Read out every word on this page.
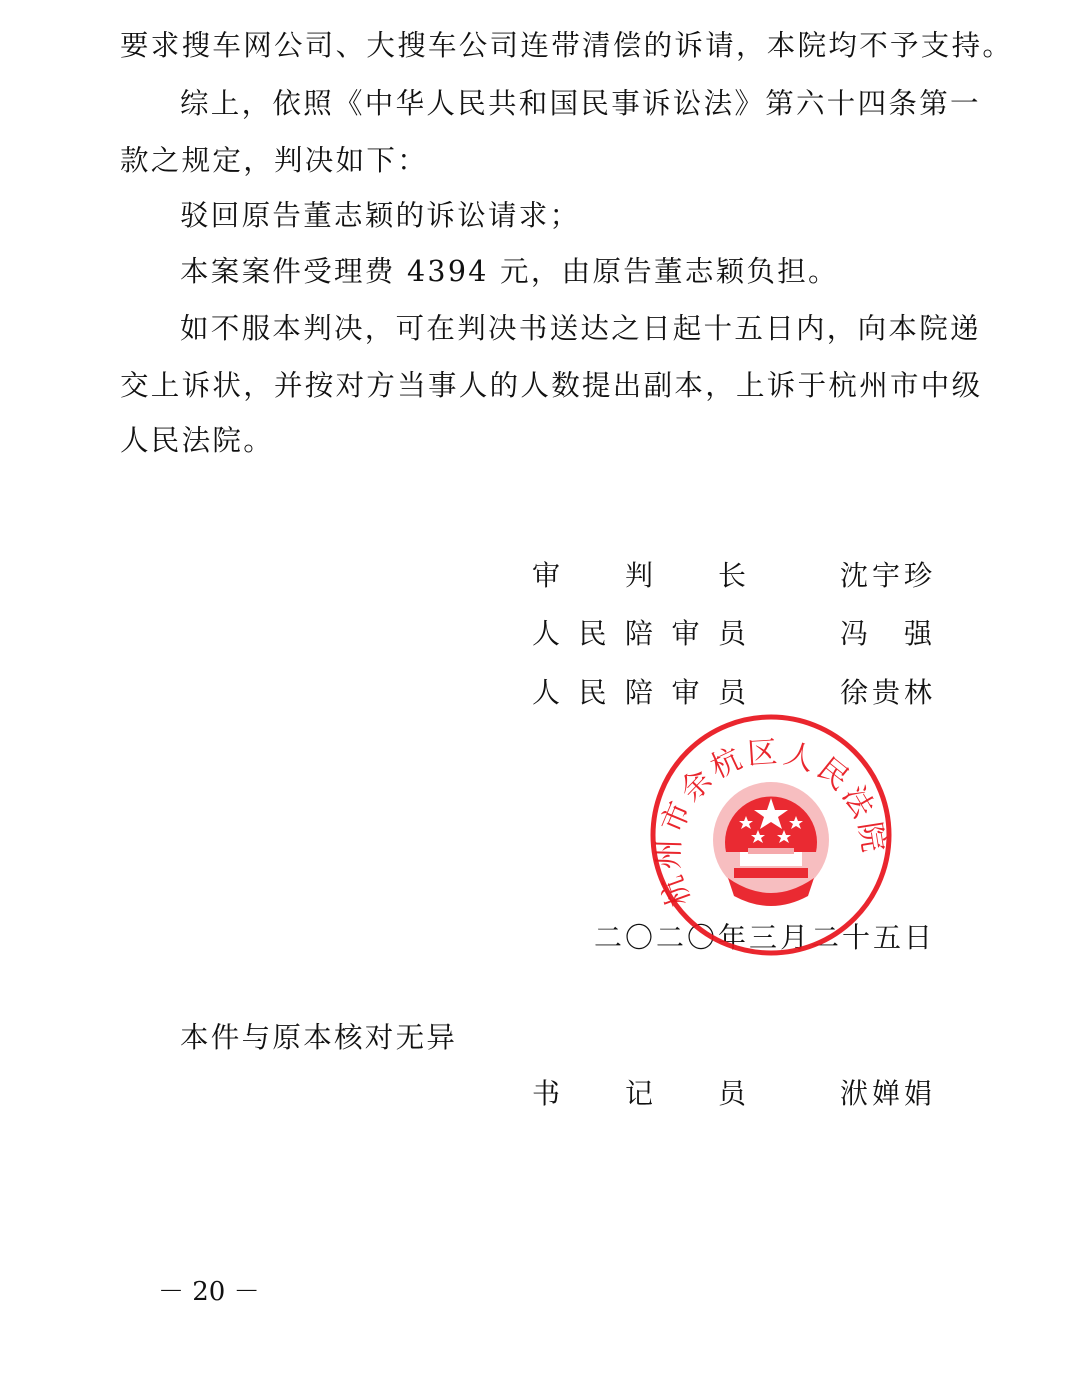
要求搜车网公司、大搜车公司连带清偿的诉请，本院均不予支持。
综上，依照《中华人民共和国民事诉讼法》第六十四条第一
款之规定，判决如下：
驳回原告董志颖的诉讼请求；
本案案件受理费 4394 元，由原告董志颖负担。
如不服本判决，可在判决书送达之日起十五日内，向本院递
交上诉状，并按对方当事人的人数提出副本，上诉于杭州市中级
人民法院。
审 判 长	沈 宇 珍
人 民 陪 审 员	冯 强
人 民 陪 审 员	徐 贵 林
二〇二〇年三月二十五日
杭州市余杭区人民法院
本件与原本核对无异
书 记 员	洑 婵 娟
－ 20 －
